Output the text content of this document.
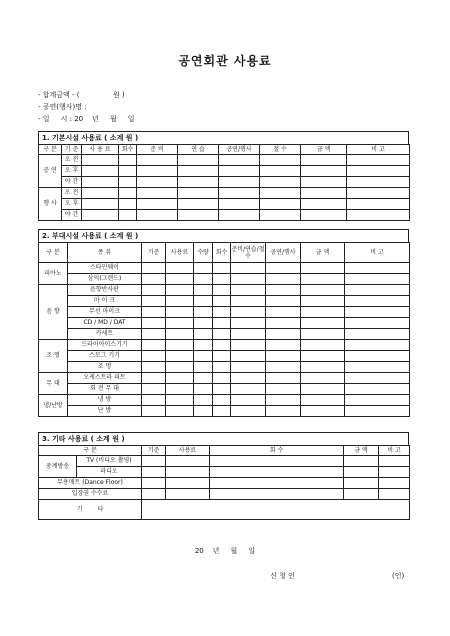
공연회관 사용료
- 합계금액 - (               원 )
- 공연(행사)명 :
- 일     시 : 20    년     월     일
1. 기본시설 사용료 ( 소계 원 )
구 분	기 준	사 용 료	회수	준 비	연 습	공연/행사	철 수	금 액	비 고
공 연	오 전								
	오 후								
	야 간								
행 사	오 전								
	오 후								
	야 간								
2. 부대시설 사용료 ( 소계 원 )
구 분	종 류	기준	사용료	수량	회수	준비/연습/철수	공연/행사	금 액	비 고
피아노	스타인웨이								
	삼익(그랜드)								
음 향	음향반사판								
	마 이 크								
	무선 마이크								
	CD / MD / DAT								
	카세트								
조 명	드라이아이스기기								
	스모그 기기								
	조 명								
무 대	오케스트라 피트								
	회 전 무 대								
냉/난방	냉 방								
	난 방								
3. 기타 사용료 ( 소계 원 )
구 분		기준	사용료	회 수	금 액	비 고
중계방송	TV (비디오 촬영)					
	라디오					
무용매트 (Dance Floor)						
입장권 수수료						
기        타						
20    년     월     일
신 청 인	(인)
